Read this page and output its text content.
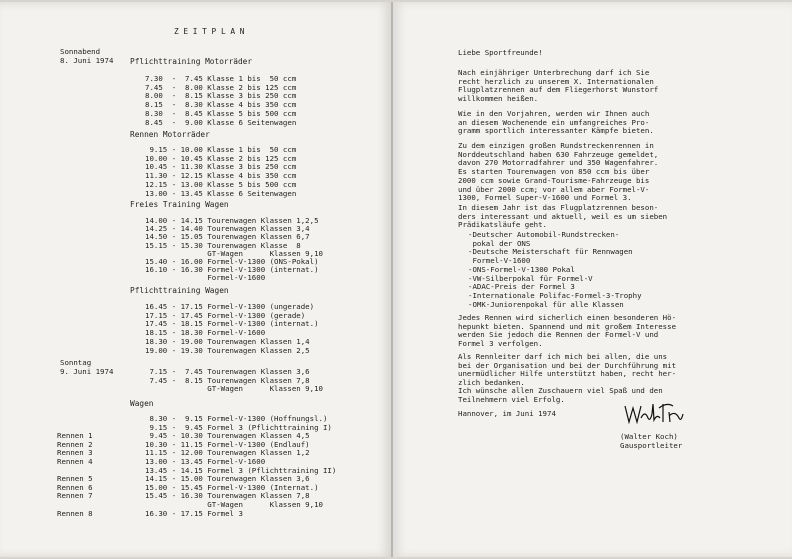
Z E I T P L A N
Sonnabend
8. Juni 1974 Pflichttraining Motorräder
7.30  -  7.45 Klasse 1 bis  50 ccm
7.45  -  8.00 Klasse 2 bis 125 ccm
8.00  -  8.15 Klasse 3 bis 250 ccm
8.15  -  8.30 Klasse 4 bis 350 ccm
8.30  -  8.45 Klasse 5 bis 500 ccm
8.45  -  9.00 Klasse 6 Seitenwagen
Rennen Motorräder
9.15 - 10.00 Klasse 1 bis  50 ccm
10.00 - 10.45 Klasse 2 bis 125 ccm
10.45 - 11.30 Klasse 3 bis 250 ccm
11.30 - 12.15 Klasse 4 bis 350 ccm
12.15 - 13.00 Klasse 5 bis 500 ccm
13.00 - 13.45 Klasse 6 Seitenwagen
Freies Training Wagen
14.00 - 14.15 Tourenwagen Klassen 1,2,5
14.25 - 14.40 Tourenwagen Klassen 3,4
14.50 - 15.05 Tourenwagen Klassen 6,7
15.15 - 15.30 Tourenwagen Klasse  8
GT-Wagen      Klassen 9,10
15.40 - 16.00 Formel-V-1300 (ONS-Pokal)
16.10 - 16.30 Formel-V-1300 (internat.)
Formel-V-1600
Pflichttraining Wagen
16.45 - 17.15 Formel-V-1300 (ungerade)
17.15 - 17.45 Formel-V-1300 (gerade)
17.45 - 18.15 Formel-V-1300 (internat.)
18.15 - 18.30 Formel-V-1600
18.30 - 19.00 Tourenwagen Klassen 1,4
19.00 - 19.30 Tourenwagen Klassen 2,5
Sonntag
9. Juni 1974	7.15 -  7.45 Tourenwagen Klassen 3,6
7.45 -  8.15 Tourenwagen Klassen 7,8
GT-Wagen      Klassen 9,10
Wagen
8.30 -  9.15 Formel-V-1300 (Hoffnungsl.)
9.15 -  9.45 Formel 3 (Pflichttraining I)
9.45 - 10.30 Tourenwagen Klassen 4,5
10.30 - 11.15 Formel-V-1300 (Endlauf)
11.15 - 12.00 Tourenwagen Klassen 1,2
13.00 - 13.45 Formel-V-1600
13.45 - 14.15 Formel 3 (Pflichttraining II)
14.15 - 15.00 Tourenwagen Klassen 3,6
15.00 - 15.45 Formel-V-1300 (Internat.)
15.45 - 16.30 Tourenwagen Klassen 7,8
GT-Wagen      Klassen 9,10
16.30 - 17.15 Formel 3
Rennen 1
Rennen 2
Rennen 3
Rennen 4
Rennen 5
Rennen 6
Rennen 7
Rennen 8
Liebe Sportfreunde!
Nach einjähriger Unterbrechung darf ich Sie
recht herzlich zu unserem X. Internationalen
Flugplatzrennen auf dem Fliegerhorst Wunstorf
willkommen heißen.
Wie in den Vorjahren, werden wir Ihnen auch
an diesem Wochenende ein umfangreiches Pro-
gramm sportlich interessanter Kämpfe bieten.
Zu dem einzigen großen Rundstreckenrennen in
Norddeutschland haben 630 Fahrzeuge gemeldet,
davon 270 Motorradfahrer und 350 Wagenfahrer.
Es starten Tourenwagen von 850 ccm bis über
2000 ccm sowie Grand-Tourisme-Fahrzeuge bis
und über 2000 ccm; vor allem aber Formel-V-
1300, Formel Super-V-1600 und Formel 3.
In diesem Jahr ist das Flugplatzrennen beson-
ders interessant und aktuell, weil es um sieben
Prädikatsläufe geht.
-Deutscher Automobil-Rundstrecken-
pokal der ONS
-Deutsche Meisterschaft für Rennwagen
Formel-V-1600
-ONS-Formel-V-1300 Pokal
-VW-Silberpokal für Formel-V
-ADAC-Preis der Formel 3
-Internationale Polifac-Formel-3-Trophy
-OMK-Juniorenpokal für alle Klassen
Jedes Rennen wird sicherlich einen besonderen Hö-
hepunkt bieten. Spannend und mit großem Interesse
werden Sie jedoch die Rennen der Formel-V und
Formel 3 verfolgen.
Als Rennleiter darf ich mich bei allen, die uns
bei der Organisation und bei der Durchführung mit
unermüdlicher Hilfe unterstützt haben, recht her-
zlich bedanken.
Ich wünsche allen Zuschauern viel Spaß und den
Teilnehmern viel Erfolg.
Hannover, im Juni 1974
(Walter Koch)
Gausportleiter
